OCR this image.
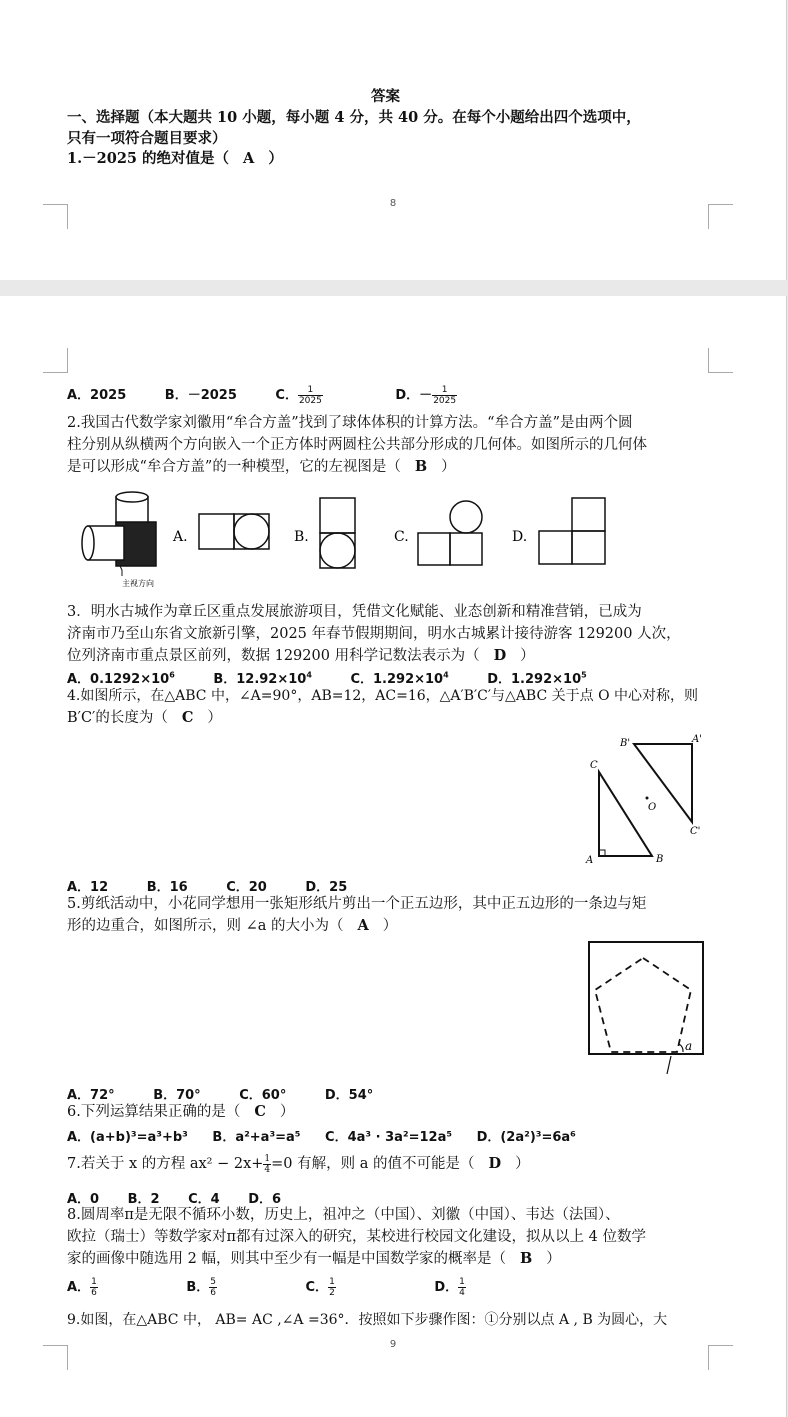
答案
一、选择题（本大题共 10 小题，每小题 4 分，共 40 分。在每个小题给出四个选项中，
只有一项符合题目要求）
1.－2025 的绝对值是（ A ）
8
A．2025	B．－2025	C． $\frac{1}{2025}$	D．－ $\frac{1}{2025}$
2.我国古代数学家刘徽用“牟合方盖”找到了球体体积的计算方法。“牟合方盖”是由两个圆
柱分别从纵横两个方向嵌入一个正方体时两圆柱公共部分形成的几何体。如图所示的几何体
是可以形成“牟合方盖”的一种模型，它的左视图是（ B ）
主视方向
A.	B.	C.	D.
3．明水古城作为章丘区重点发展旅游项目，凭借文化赋能、业态创新和精准营销，已成为
济南市乃至山东省文旅新引擎，2025 年春节假期期间，明水古城累计接待游客 129200 人次，
位列济南市重点景区前列，数据 129200 用科学记数法表示为（ D ）
A．$0.1292\times 10^6$	B．$12.92\times 10^4$	C．$1.292\times 10^4$	D．$1.292\times 10^5$
4.如图所示，在△ABC 中，∠A=90°，AB=12，AC=16，△A′B′C′与△ABC 关于点 O 中心对称，则
B′C′的长度为（ C ）
C
A	B
B'	A'
C'
O
A．12	B．16	C．20	D．25
5.剪纸活动中，小花同学想用一张矩形纸片剪出一个正五边形，其中正五边形的一条边与矩
形的边重合，如图所示，则 ∠a 的大小为（ A ）
a
A．72°	B．70°	C．60°	D．54°
6.下列运算结果正确的是（ C ）
A．(a+b)³=a³+b³ B．a²+a³=a⁵ C．4a³ · 3a²=12a⁵ D．(2a²)³=6a⁶
7.若关于 x 的方程 $ax^2 - 2x+ \frac{1}{4} =0$ 有解，则 a 的值不可能是（ D ）
A．0 B．2 C．4 D．6
8.圆周率π是无限不循环小数，历史上，祖冲之（中国）、刘徽（中国）、韦达（法国）、
欧拉（瑞士）等数学家对π都有过深入的研究，某校进行校园文化建设，拟从以上 4 位数学
家的画像中随选用 2 幅，则其中至少有一幅是中国数学家的概率是（ B ）
A． $\frac{1}{6}$	B． $\frac{5}{6}$	C． $\frac{1}{2}$	D． $\frac{1}{4}$
9.如图，在△ABC 中， AB= AC ,∠A =36°．按照如下步骤作图：①分别以点 A , B 为圆心，大
9
